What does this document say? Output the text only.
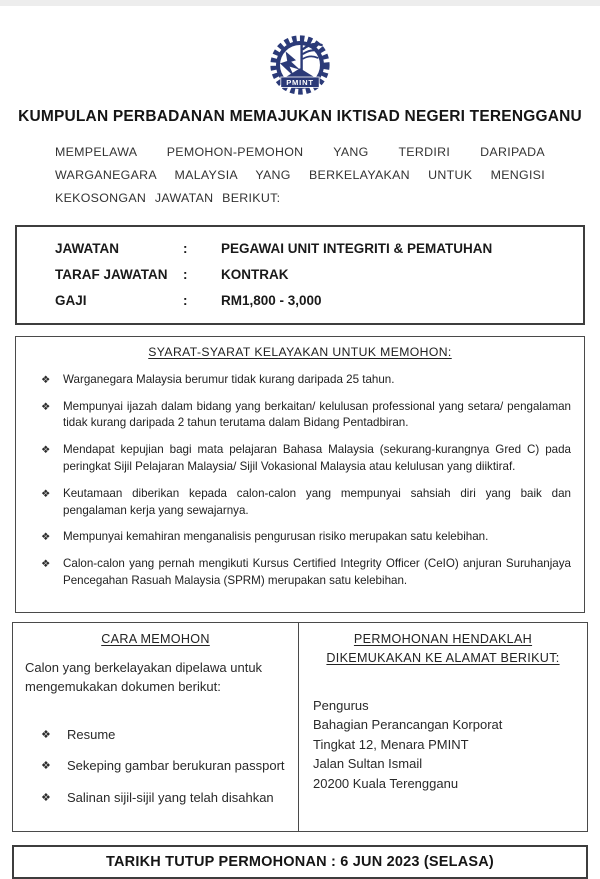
PMINT
KUMPULAN PERBADANAN MEMAJUKAN IKTISAD NEGERI TERENGGANU
MEMPELAWA PEMOHON-PEMOHON YANG TERDIRI DARIPADA WARGANEGARA MALAYSIA YANG BERKELAYAKAN UNTUK MENGISI KEKOSONGAN JAWATAN BERIKUT:
JAWATAN	:	PEGAWAI UNIT INTEGRITI & PEMATUHAN
TARAF JAWATAN	:	KONTRAK
GAJI	:	RM1,800 - 3,000
SYARAT-SYARAT KELAYAKAN UNTUK MEMOHON:
❖	Warganegara Malaysia berumur tidak kurang daripada 25 tahun.
❖	Mempunyai ijazah dalam bidang yang berkaitan/ kelulusan professional yang setara/ pengalaman tidak kurang daripada 2 tahun terutama dalam Bidang Pentadbiran.
❖	Mendapat kepujian bagi mata pelajaran Bahasa Malaysia (sekurang-kurangnya Gred C) pada peringkat Sijil Pelajaran Malaysia/ Sijil Vokasional Malaysia atau kelulusan yang diiktiraf.
❖	Keutamaan diberikan kepada calon-calon yang mempunyai sahsiah diri yang baik dan pengalaman kerja yang sewajarnya.
❖	Mempunyai kemahiran menganalisis pengurusan risiko merupakan satu kelebihan.
❖	Calon-calon yang pernah mengikuti Kursus Certified Integrity Officer (CeIO) anjuran Suruhanjaya Pencegahan Rasuah Malaysia (SPRM) merupakan satu kelebihan.
CARA MEMOHON
Calon yang berkelayakan dipelawa untuk mengemukakan dokumen berikut:
❖	Resume
❖	Sekeping gambar berukuran passport
❖	Salinan sijil-sijil yang telah disahkan
PERMOHONAN HENDAKLAH DIKEMUKAKAN KE ALAMAT BERIKUT:
Pengurus
Bahagian Perancangan Korporat
Tingkat 12, Menara PMINT
Jalan Sultan Ismail
20200 Kuala Terengganu
TARIKH TUTUP PERMOHONAN : 6 JUN 2023 (SELASA)
